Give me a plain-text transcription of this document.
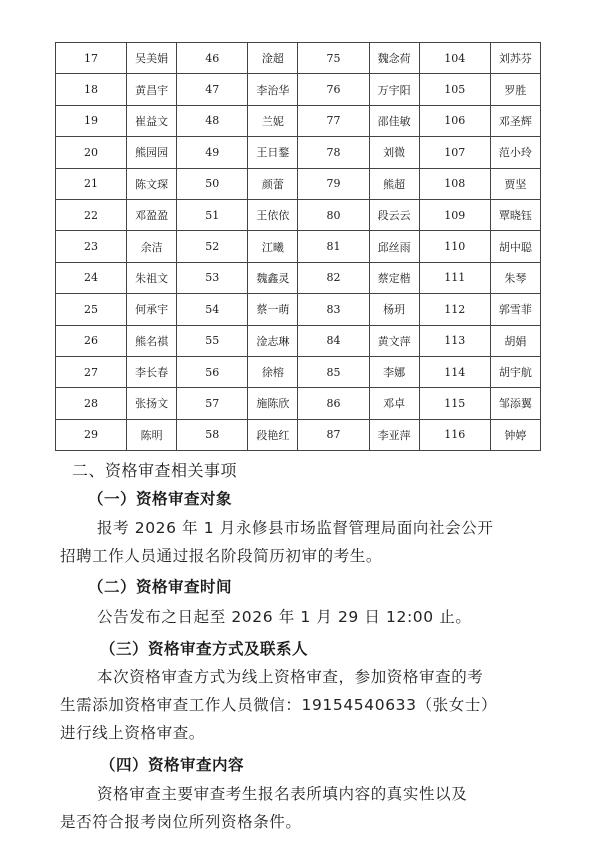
17	吴美娟	46	淦超	75	魏念荷	104	刘苏芬
18	黄昌宇	47	李治华	76	万宇阳	105	罗胜
19	崔益文	48	兰妮	77	邵佳敏	106	邓圣辉
20	熊园园	49	王日鍪	78	刘微	107	范小玲
21	陈文琛	50	颜蕾	79	熊超	108	贾坚
22	邓盈盈	51	王依依	80	段云云	109	覃晓钰
23	余洁	52	江曦	81	邱丝雨	110	胡中聪
24	朱祖文	53	魏鑫灵	82	蔡定楷	111	朱琴
25	何承宇	54	蔡一萌	83	杨玥	112	郭雪菲
26	熊名祺	55	淦志琳	84	黄文萍	113	胡娟
27	李长春	56	徐榕	85	李娜	114	胡宇航
28	张扬文	57	施陈欣	86	邓卓	115	邹添翼
29	陈明	58	段艳红	87	李亚萍	116	钟婷
二、资格审查相关事项
（一）资格审查对象
报考 2026 年 1 月永修县市场监督管理局面向社会公开
招聘工作人员通过报名阶段简历初审的考生。
（二）资格审查时间
公告发布之日起至 2026 年 1 月 29 日 12:00 止。
（三）资格审查方式及联系人
本次资格审查方式为线上资格审查，参加资格审查的考
生需添加资格审查工作人员微信：19154540633（张女士）
进行线上资格审查。
（四）资格审查内容
资格审查主要审查考生报名表所填内容的真实性以及
是否符合报考岗位所列资格条件。
